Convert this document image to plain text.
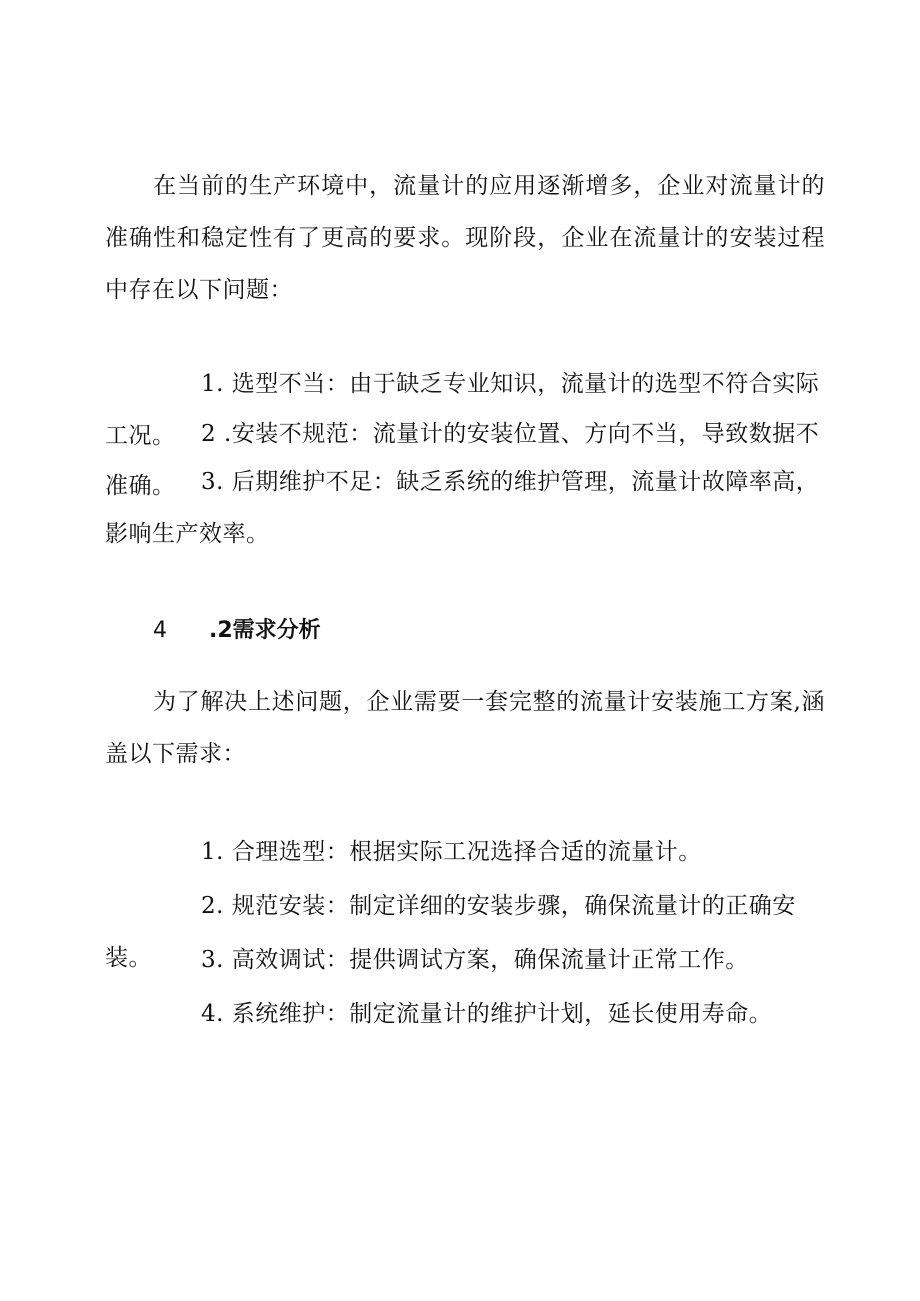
在当前的生产环境中，流量计的应用逐渐增多，企业对流量计的准确性和稳定性有了更高的要求。现阶段，企业在流量计的安装过程中存在以下问题：

1. 选型不当：由于缺乏专业知识，流量计的选型不符合实际工况。	2 .安装不规范：流量计的安装位置、方向不当，导致数据不准确。	3. 后期维护不足：缺乏系统的维护管理，流量计故障率高，影响生产效率。

4 .2需求分析

为了解决上述问题，企业需要一套完整的流量计安装施工方案,涵盖以下需求：

1. 合理选型：根据实际工况选择合适的流量计。

2. 规范安装：制定详细的安装步骤，确保流量计的正确安装。	3. 高效调试：提供调试方案，确保流量计正常工作。

4. 系统维护：制定流量计的维护计划，延长使用寿命。
